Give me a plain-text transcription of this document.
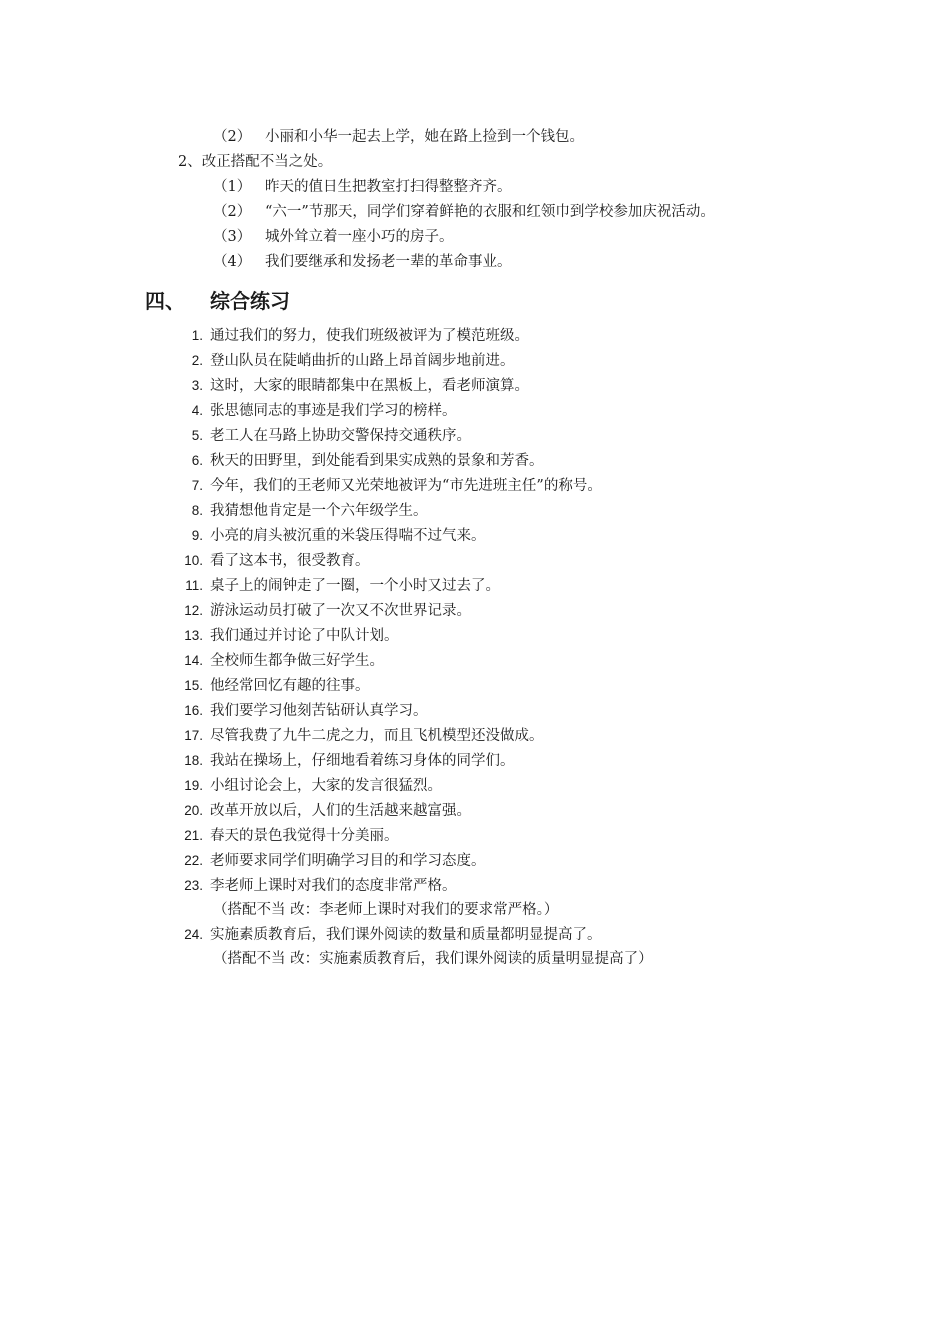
（2） 小丽和小华一起去上学，她在路上捡到一个钱包。
2、改正搭配不当之处。
（1） 昨天的值日生把教室打扫得整整齐齐。
（2） “六一”节那天，同学们穿着鲜艳的衣服和红领巾到学校参加庆祝活动。
（3） 城外耸立着一座小巧的房子。
（4） 我们要继承和发扬老一辈的革命事业。
四、 综合练习
1. 通过我们的努力，使我们班级被评为了模范班级。
2. 登山队员在陡峭曲折的山路上昂首阔步地前进。
3. 这时，大家的眼睛都集中在黑板上，看老师演算。
4. 张思德同志的事迹是我们学习的榜样。
5. 老工人在马路上协助交警保持交通秩序。
6. 秋天的田野里，到处能看到果实成熟的景象和芳香。
7. 今年，我们的王老师又光荣地被评为“市先进班主任”的称号。
8. 我猜想他肯定是一个六年级学生。
9. 小亮的肩头被沉重的米袋压得喘不过气来。
10. 看了这本书，很受教育。
11. 桌子上的闹钟走了一圈，一个小时又过去了。
12. 游泳运动员打破了一次又不次世界记录。
13. 我们通过并讨论了中队计划。
14. 全校师生都争做三好学生。
15. 他经常回忆有趣的往事。
16. 我们要学习他刻苦钻研认真学习。
17. 尽管我费了九牛二虎之力，而且飞机模型还没做成。
18. 我站在操场上，仔细地看着练习身体的同学们。
19. 小组讨论会上，大家的发言很猛烈。
20. 改革开放以后，人们的生活越来越富强。
21. 春天的景色我觉得十分美丽。
22. 老师要求同学们明确学习目的和学习态度。
23. 李老师上课时对我们的态度非常严格。
（搭配不当 改：李老师上课时对我们的要求常严格。）
24. 实施素质教育后，我们课外阅读的数量和质量都明显提高了。
（搭配不当 改：实施素质教育后，我们课外阅读的质量明显提高了）
